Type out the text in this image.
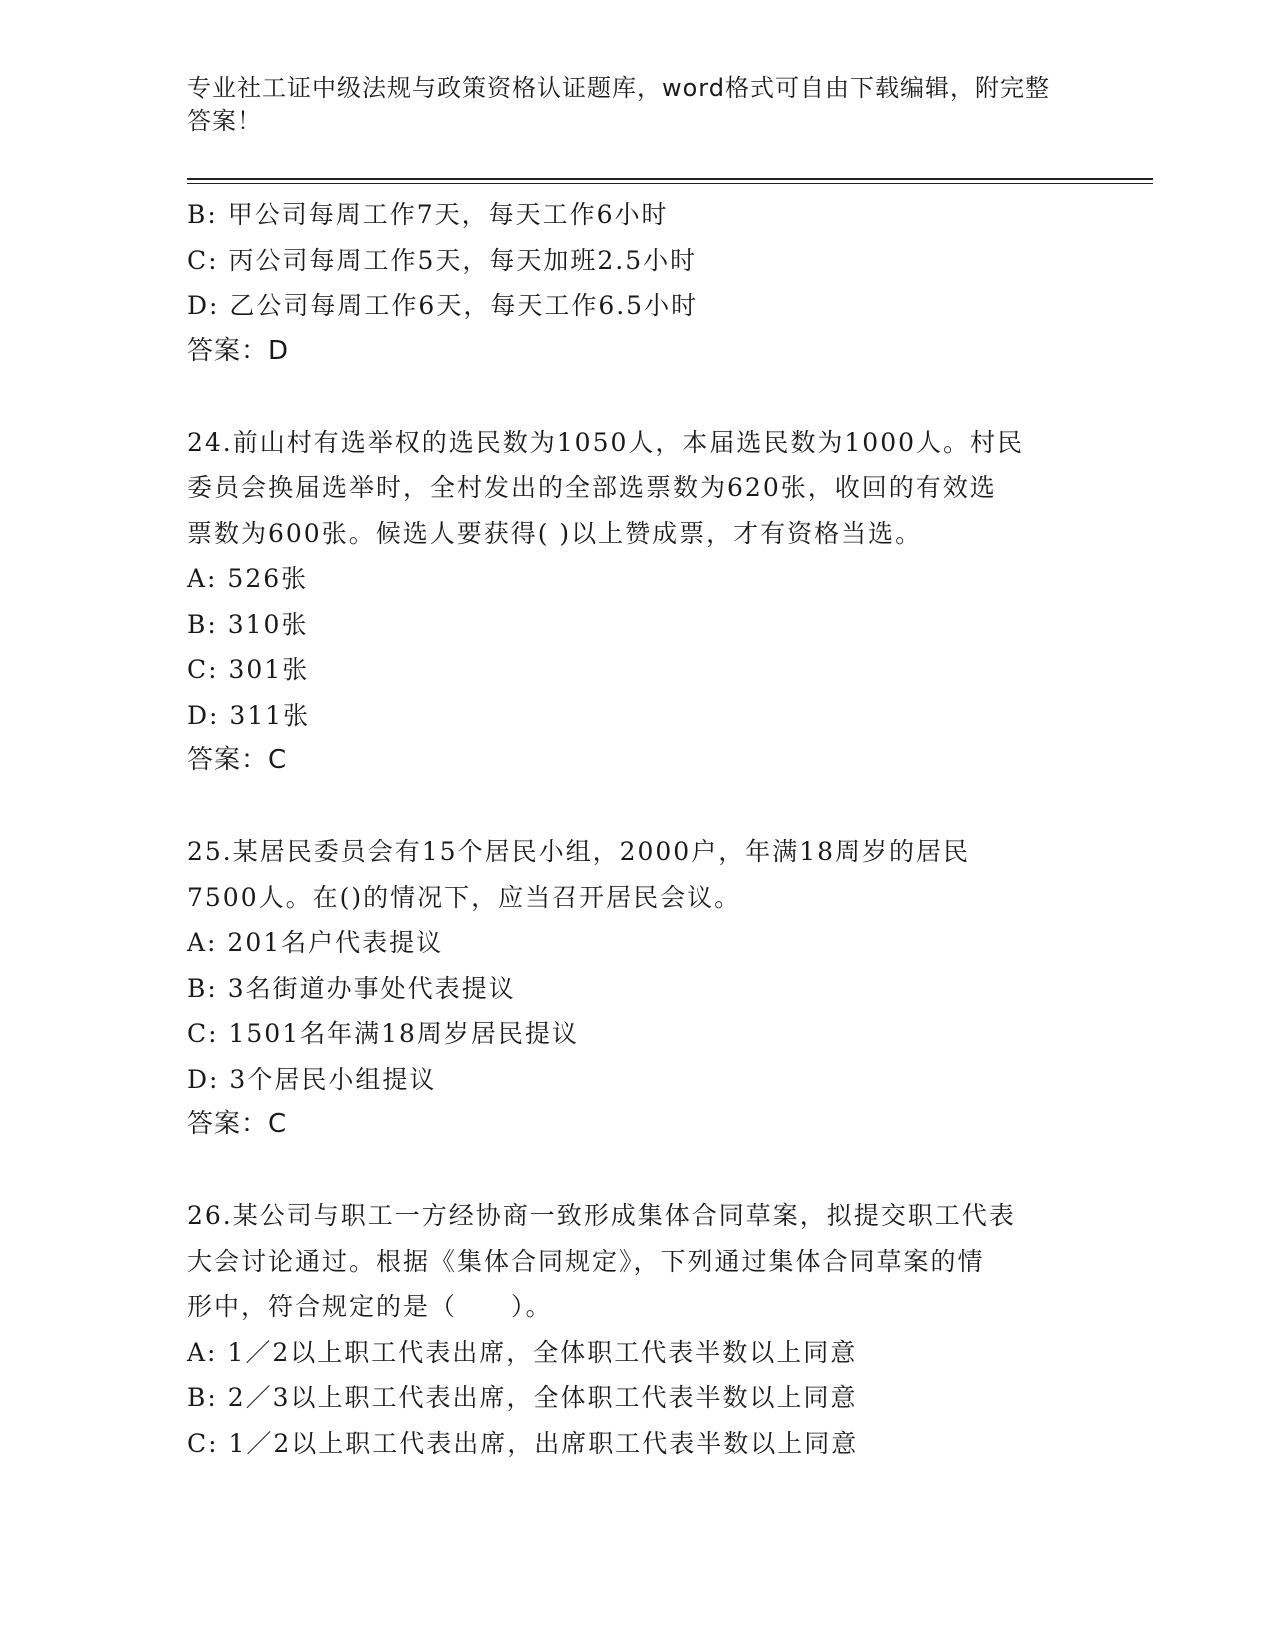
专业社工证中级法规与政策资格认证题库，word格式可自由下载编辑，附完整答案！
B: 甲公司每周工作7天，每天工作6小时
C: 丙公司每周工作5天，每天加班2.5小时
D: 乙公司每周工作6天，每天工作6.5小时
答案：D
24.前山村有选举权的选民数为1050人，本届选民数为1000人。村民
委员会换届选举时，全村发出的全部选票数为620张，收回的有效选
票数为600张。候选人要获得( )以上赞成票，才有资格当选。
A: 526张
B: 310张
C: 301张
D: 311张
答案：C
25.某居民委员会有15个居民小组，2000户，年满18周岁的居民
7500人。在()的情况下，应当召开居民会议。
A: 201名户代表提议
B: 3名街道办事处代表提议
C: 1501名年满18周岁居民提议
D: 3个居民小组提议
答案：C
26.某公司与职工一方经协商一致形成集体合同草案，拟提交职工代表
大会讨论通过。根据《集体合同规定》，下列通过集体合同草案的情
形中，符合规定的是（　　）。
A: 1／2以上职工代表出席，全体职工代表半数以上同意
B: 2／3以上职工代表出席，全体职工代表半数以上同意
C: 1／2以上职工代表出席，出席职工代表半数以上同意
